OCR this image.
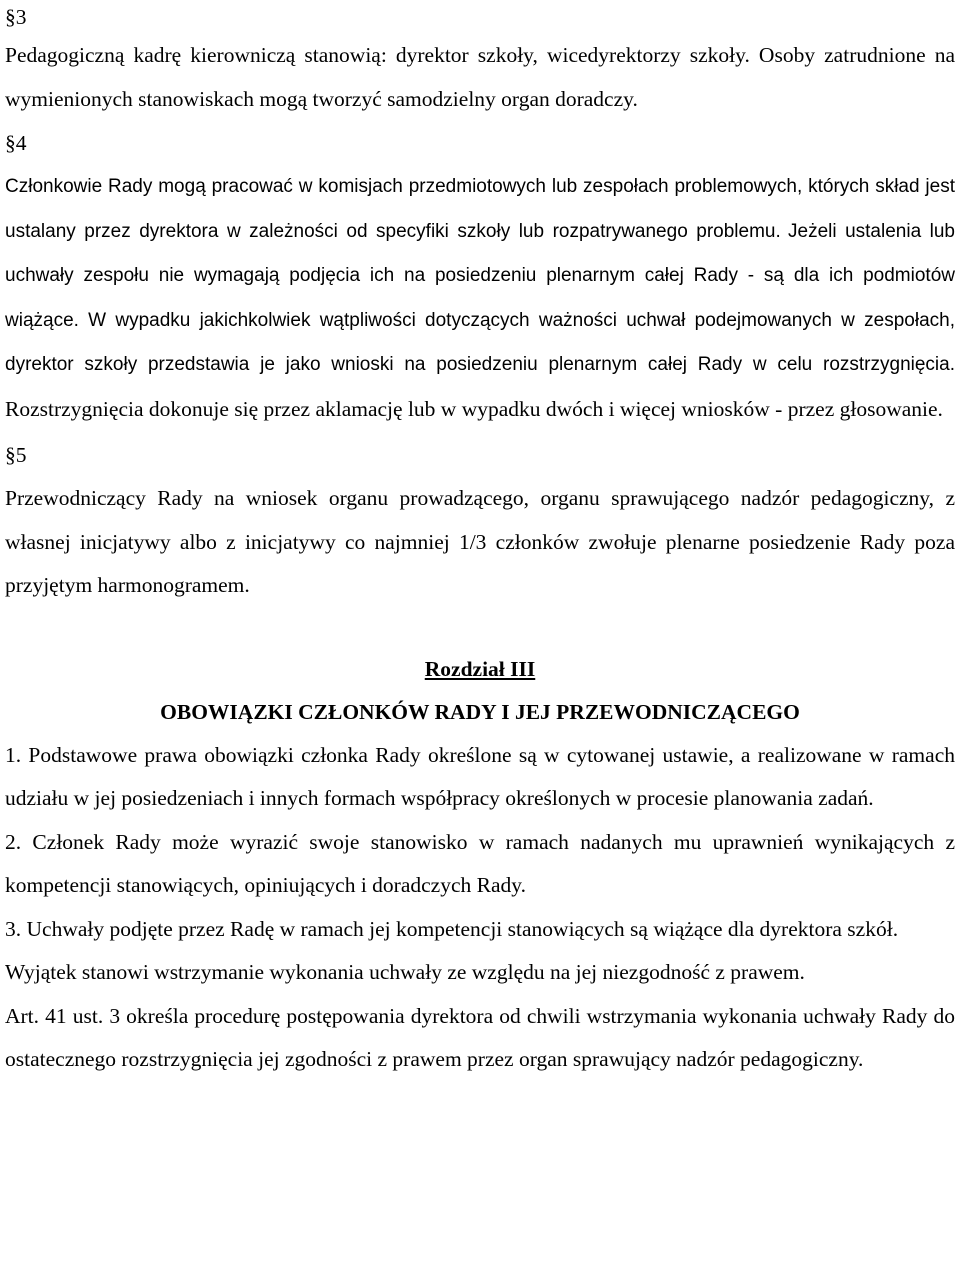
§3

Pedagogiczną kadrę kierowniczą stanowią: dyrektor szkoły, wicedyrektorzy szkoły. Osoby zatrudnione na wymienionych stanowiskach mogą tworzyć samodzielny organ doradczy.

§4

Członkowie Rady mogą pracować w komisjach przedmiotowych lub zespołach problemowych, których skład jest ustalany przez dyrektora w zależności od specyfiki szkoły lub rozpatrywanego problemu. Jeżeli ustalenia lub uchwały zespołu nie wymagają podjęcia ich na posiedzeniu plenarnym całej Rady - są dla ich podmiotów wiążące. W wypadku jakichkolwiek wątpliwości dotyczących ważności uchwał podejmowanych w zespołach, dyrektor szkoły przedstawia je jako wnioski na posiedzeniu plenarnym całej Rady w celu rozstrzygnięcia. Rozstrzygnięcia dokonuje się przez aklamację lub w wypadku dwóch i więcej wniosków - przez głosowanie.

§5

Przewodniczący Rady na wniosek organu prowadzącego, organu sprawującego nadzór pedagogiczny, z własnej inicjatywy albo z inicjatywy co najmniej 1/3 członków zwołuje plenarne posiedzenie Rady poza przyjętym harmonogramem.

Rozdział III
OBOWIĄZKI CZŁONKÓW RADY I JEJ PRZEWODNICZĄCEGO

1. Podstawowe prawa obowiązki członka Rady określone są w cytowanej ustawie, a realizowane w ramach udziału w jej posiedzeniach i innych formach współpracy określonych w procesie planowania zadań.

2. Członek Rady może wyrazić swoje stanowisko w ramach nadanych mu uprawnień wynikających z kompetencji stanowiących, opiniujących i doradczych Rady.

3. Uchwały podjęte przez Radę w ramach jej kompetencji stanowiących są wiążące dla dyrektora szkół.

Wyjątek stanowi wstrzymanie wykonania uchwały ze względu na jej niezgodność z prawem.

Art. 41 ust. 3 określa procedurę postępowania dyrektora od chwili wstrzymania wykonania uchwały Rady do ostatecznego rozstrzygnięcia jej zgodności z prawem przez organ sprawujący nadzór pedagogiczny.
